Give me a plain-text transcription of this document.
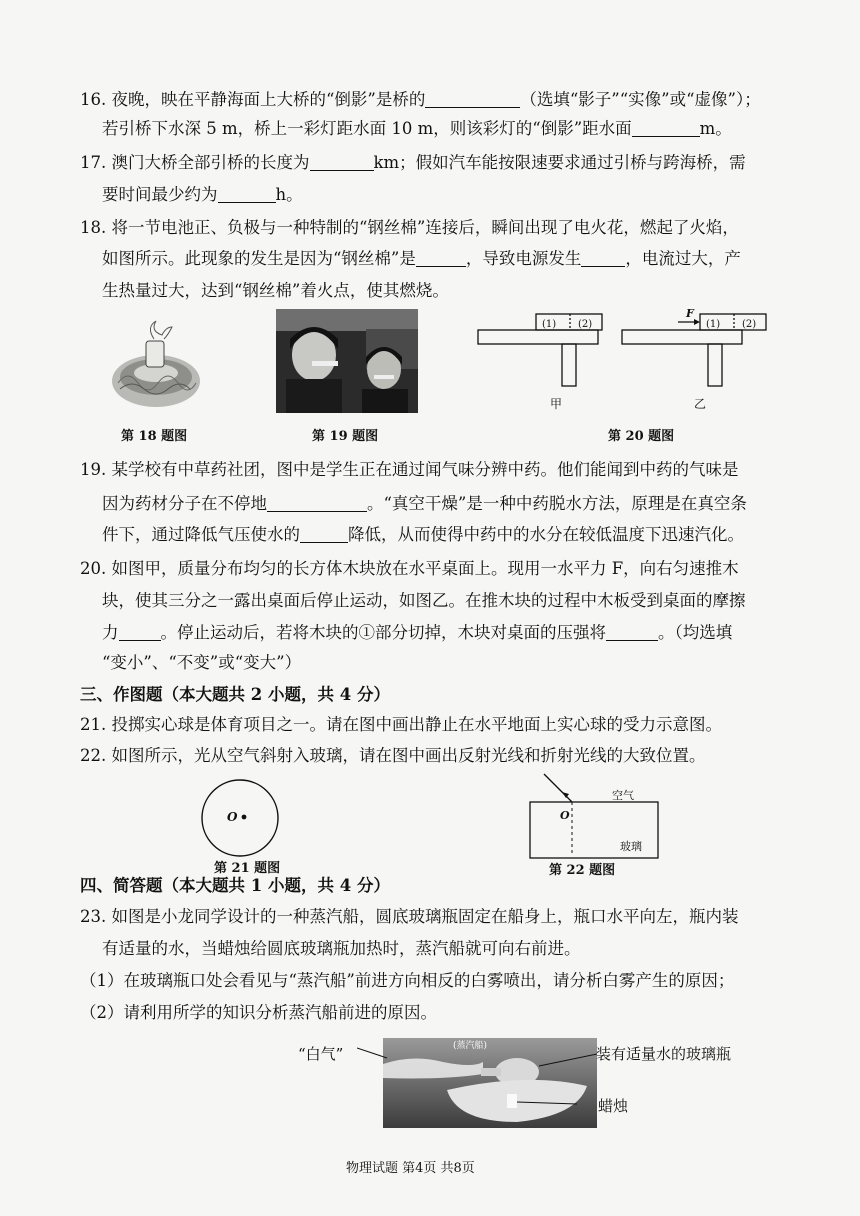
16. 夜晚，映在平静海面上大桥的“倒影”是桥的	（选填“影子”“实像”或“虚像”）；
若引桥下水深 5 m，桥上一彩灯距水面 10 m，则该彩灯的“倒影”距水面	m。
17. 澳门大桥全部引桥的长度为	km；假如汽车能按限速要求通过引桥与跨海桥，需
要时间最少约为	h。
18. 将一节电池正、负极与一种特制的“钢丝棉”连接后，瞬间出现了电火花，燃起了火焰，
如图所示。此现象的发生是因为“钢丝棉”是	，导致电源发生	，电流过大，产
生热量过大，达到“钢丝棉”着火点，使其燃烧。
第 18 题图	第 19 题图
(1) (2)	(1) (2)
F
甲	乙
第 20 题图
19. 某学校有中草药社团，图中是学生正在通过闻气味分辨中药。他们能闻到中药的气味是
因为药材分子在不停地	。“真空干燥”是一种中药脱水方法，原理是在真空条
件下，通过降低气压使水的	降低，从而使得中药中的水分在较低温度下迅速汽化。
20. 如图甲，质量分布均匀的长方体木块放在水平桌面上。现用一水平力 F，向右匀速推木
块，使其三分之一露出桌面后停止运动，如图乙。在推木块的过程中木板受到桌面的摩擦
力	。停止运动后，若将木块的①部分切掉，木块对桌面的压强将	。（均选填
“变小”、“不变”或“变大”）
三、作图题（本大题共 2 小题，共 4 分）
21. 投掷实心球是体育项目之一。请在图中画出静止在水平地面上实心球的受力示意图。
22. 如图所示，光从空气斜射入玻璃，请在图中画出反射光线和折射光线的大致位置。
O
第 21 题图
O
空气
玻璃
第 22 题图
四、简答题（本大题共 1 小题，共 4 分）
23. 如图是小龙同学设计的一种蒸汽船，圆底玻璃瓶固定在船身上，瓶口水平向左，瓶内装
有适量的水，当蜡烛给圆底玻璃瓶加热时，蒸汽船就可向右前进。
（1）在玻璃瓶口处会看见与“蒸汽船”前进方向相反的白雾喷出，请分析白雾产生的原因；
（2）请利用所学的知识分析蒸汽船前进的原因。
“白气”	(蒸汽船)	装有适量水的玻璃瓶
蜡烛
物理试题 第4页 共8页
